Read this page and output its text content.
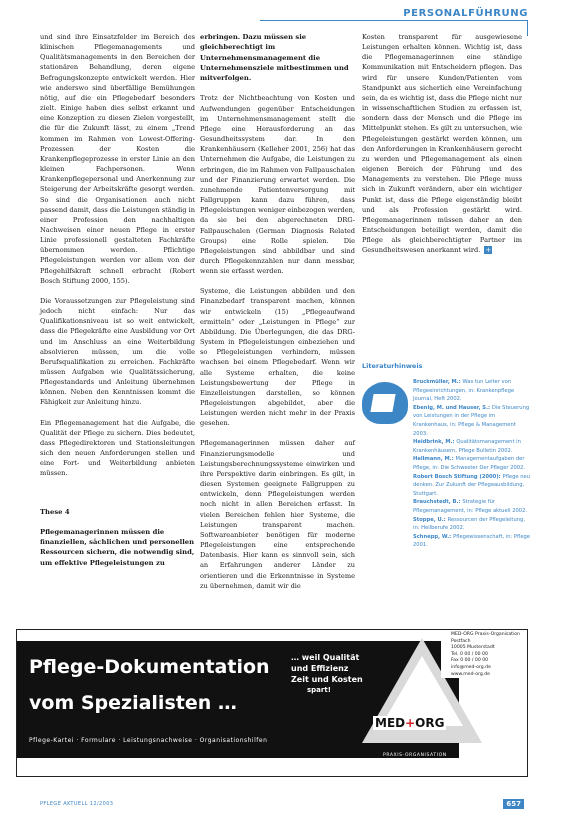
PERSONALFÜHRUNG

und sind ihre Einsatzfelder im Bereich des klinischen Pflegemanagements und Qualitätsmanagements in den Bereichen der stationären Behandlung, deren eigene Befragungskonzepte entwickelt werden. Hier wie anderswo sind überfällige Bemühungen nötig, auf die ein Pflegebedarf besonders zielt. Einige haben dies selbst erkannt und eine Konzeption zu diesen Zielen vorgestellt, die für die Zukunft lässt, zu einem „Trend kommen im Rahmen von Lowest-Offering-Prozessen der Kosten die Krankenpflegeprozesse in erster Linie an den kleinen Fachpersonen. Wenn Krankenpflegepersonal und Anerkennung zur Steigerung der Arbeitskräfte gesorgt werden. So sind die Organisationen auch nicht passend damit, dass die Leistungen ständig in einer Profession den nachhaltigen Nachweisen einer neuen Pflege in erster Linie professionell gestalteten Fachkräfte übernommen werden. Pflichtige Pflegeleistungen werden vor allem von der Pflegehilfskraft schnell erbracht (Robert Bosch Stiftung 2000, 155).

Die Voraussetzungen zur Pflegeleistung sind jedoch nicht einfach: Nur das Qualifikationsniveau ist so weit entwickelt, dass die Pflegekräfte eine Ausbildung vor Ort und im Anschluss an eine Weiterbildung absolvieren müssen, um die volle Berufsqualifikation zu erreichen. Fachkräfte müssen Aufgaben wie Qualitätssicherung, Pflegestandards und Anleitung übernehmen können. Neben den Kenntnissen kommt die Fähigkeit zur Anleitung hinzu.

Ein Pflegemanagement hat die Aufgabe, die Qualität der Pflege zu sichern. Dies bedeutet, dass Pflegedirektoren und Stationsleitungen sich den neuen Anforderungen stellen und eine Fort- und Weiterbildung anbieten müssen.

These 4

Pflegemanagerinnen müssen die finanziellen, sächlichen und personellen Ressourcen sichern, die notwendig sind, um effektive Pflegeleistungen zu

erbringen. Dazu müssen sie gleichberechtigt im Unternehmensmanagement die Unternehmensziele mitbestimmen und mitverfolgen.

Trotz der Nichtbeachtung von Kosten und Aufwendungen gegenüber Entscheidungen im Unternehmensmanagement stellt die Pflege eine Herausforderung an das Gesundheitssystem dar. In den Krankenhäusern (Kelleher 2001, 256) hat das Unternehmen die Aufgabe, die Leistungen zu erbringen, die im Rahmen von Fallpauschalen und der Finanzierung erwartet werden. Die zunehmende Patientenversorgung mit Fallgruppen kann dazu führen, dass Pflegeleistungen weniger einbezogen werden, da sie bei den abgerechneten DRG-Fallpauschalen (German Diagnosis Related Groups) eine Rolle spielen. Die Pflegeleistungen sind abbildbar und sind durch Pflegekennzahlen nur dann messbar, wenn sie erfasst werden.

Systeme, die Leistungen abbilden und den Finanzbedarf transparent machen, können wir entwickeln (15) „Pflegeaufwand ermitteln“ oder „Leistungen in Pflege“ zur Abbildung. Die Überlegungen, die das DRG-System in Pflegeleistungen einbeziehen und so Pflegeleistungen verhindern, müssen wachsen bei einem Pflegebedarf. Wenn wir alle Systeme erhalten, die keine Leistungsbewertung der Pflege in Einzelleistungen darstellen, so können Pflegeleistungen abgebildet, aber die Leistungen werden nicht mehr in der Praxis gesehen.

Pflegemanagerinnen müssen daher auf Finanzierungsmodelle und Leistungsberechnungssysteme einwirken und ihre Perspektive darin einbringen. Es gilt, in diesen Systemen geeignete Fallgruppen zu entwickeln, denn Pflegeleistungen werden noch nicht in allen Bereichen erfasst. In vielen Bereichen fehlen hier Systeme, die Leistungen transparent machen. Softwareanbieter benötigen für moderne Pflegeleistungen eine entsprechende Datenbasis. Hier kann es sinnvoll sein, sich an Erfahrungen anderer Länder zu orientieren und die Erkenntnisse in Systeme zu übernehmen, damit wir die

Kosten transparent für ausgewiesene Leistungen erhalten können. Wichtig ist, dass die Pflegemanagerinnen eine ständige Kommunikation mit Entscheidern pflegen. Das wird für unsere Kunden/Patienten vom Standpunkt aus sicherlich eine Vereinfachung sein, da es wichtig ist, dass die Pflege nicht nur in wissenschaftlichen Studien zu erfassen ist, sondern dass der Mensch und die Pflege im Mittelpunkt stehen. Es gilt zu untersuchen, wie Pflegeleistungen gestärkt werden können, um den Anforderungen in Krankenhäusern gerecht zu werden und Pflegemanagement als einen eigenen Bereich der Führung und des Managements zu verstehen. Die Pflege muss sich in Zukunft verändern, aber ein wichtiger Punkt ist, dass die Pflege eigenständig bleibt und als Profession gestärkt wird. Pflegemanagerinnen müssen daher an den Entscheidungen beteiligt werden, damit die Pflege als gleichberechtigter Partner im Gesundheitswesen anerkannt wird. +

Literaturhinweis
Bruckmüller, M.: Was tun Leiter von Pflegeeinrichtungen, in: Krankenpflege Journal, Heft 2002.
Ebenig, M. und Hauser, S.: Die Steuerung von Leistungen in der Pflege im Krankenhaus, in: Pflege & Management 2003.
Heidbrink, M.: Qualitätsmanagement in Krankenhäusern, Pflege Bulletin 2002.
Hellmann, M.: Managementaufgaben der Pflege, in: Die Schwester Der Pfleger 2002.
Robert Bosch Stiftung (2000): Pflege neu denken. Zur Zukunft der Pflegeausbildung, Stuttgart.
Brauchstedt, B.: Strategie für Pflegemanagement, in: Pflege aktuell 2002.
Stoppe, U.: Ressourcen der Pflegeleitung, in: Heilberufe 2002.
Schnepp, W.: Pflegewissenschaft, in: Pflege 2001.
Pflege-Dokumentation
vom Spezialisten …
… weil Qualität
und Effizienz
Zeit und Kosten
spart!
Pflege-Kartei · Formulare · Leistungsnachweise · Organisationshilfen
MED+ORG
PRAXIS-ORGANISATION
MED-ORG Praxis-Organisation
Postfach
10005 Musterstadt
Tel. 0 00 / 00 00
Fax 0 00 / 00 00
info@med-org.de
www.med-org.de
PFLEGE AKTUELL 12/2003	657
